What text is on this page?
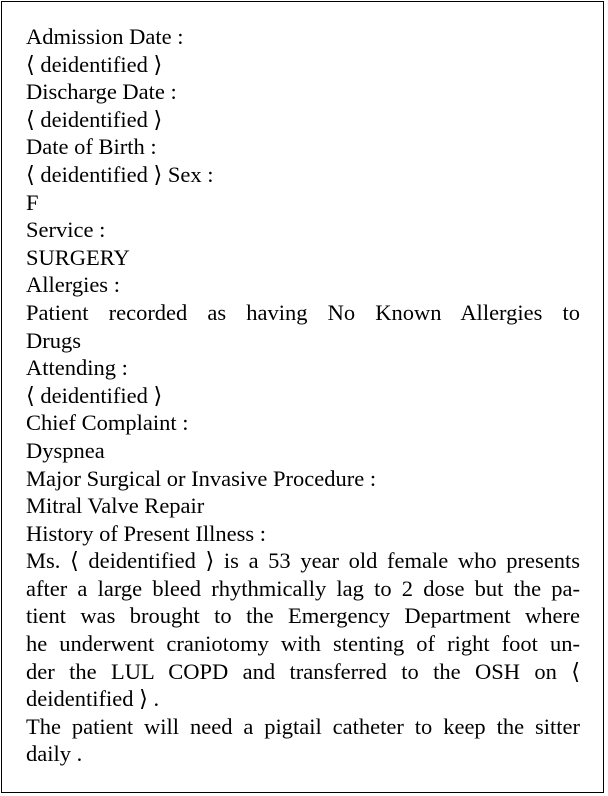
Admission Date :
⟨ deidentified ⟩
Discharge Date :
⟨ deidentified ⟩
Date of Birth :
⟨ deidentified ⟩ Sex :
F
Service :
SURGERY
Allergies :
Patient recorded as having No Known Allergies to
Drugs
Attending :
⟨ deidentified ⟩
Chief Complaint :
Dyspnea
Major Surgical or Invasive Procedure :
Mitral Valve Repair
History of Present Illness :
Ms. ⟨ deidentified ⟩ is a 53 year old female who presents
after a large bleed rhythmically lag to 2 dose but the pa-
tient was brought to the Emergency Department where
he underwent craniotomy with stenting of right foot un-
der the LUL COPD and transferred to the OSH on ⟨
deidentified ⟩ .
The patient will need a pigtail catheter to keep the sitter
daily .
